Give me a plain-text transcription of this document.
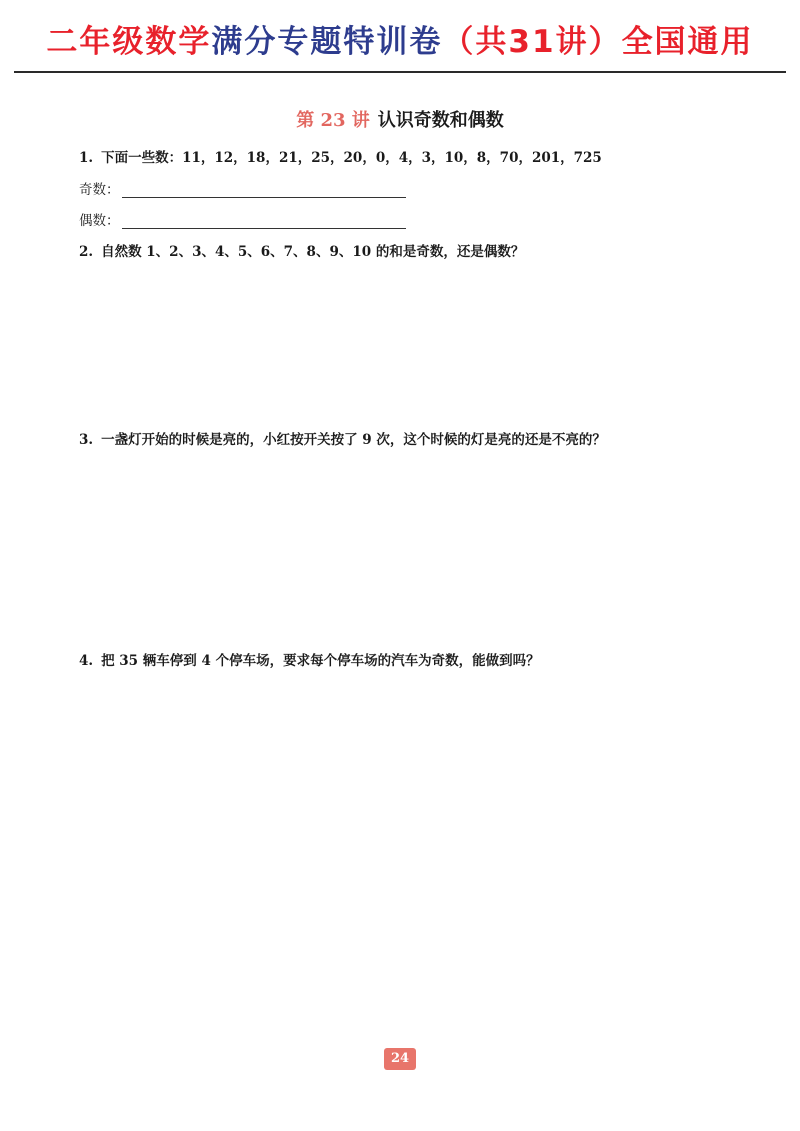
二年级数学满分专题特训卷（共31讲）全国通用
第 23 讲 认识奇数和偶数
1. 下面一些数：11，12，18，21，25，20，0，4，3，10，8，70，201，725
奇数：
偶数：
2. 自然数 1、2、3、4、5、6、7、8、9、10 的和是奇数，还是偶数？
3. 一盏灯开始的时候是亮的，小红按开关按了 9 次，这个时候的灯是亮的还是不亮的？
4. 把 35 辆车停到 4 个停车场，要求每个停车场的汽车为奇数，能做到吗？
24
